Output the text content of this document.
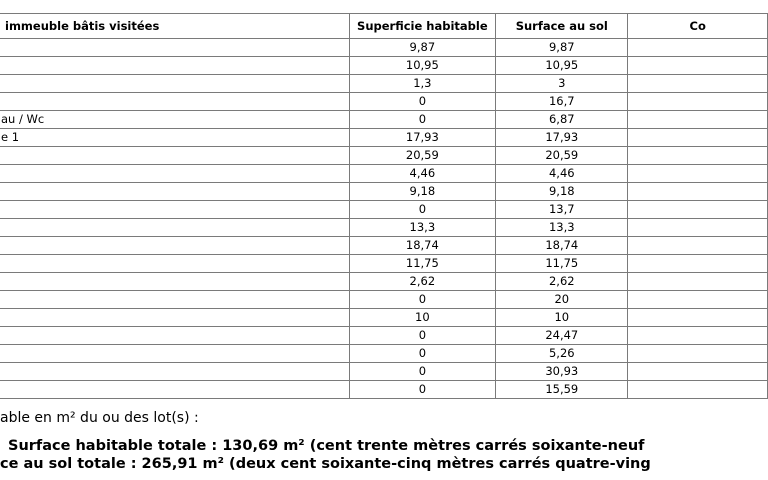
immeuble bâtis visitées	Superficie habitable	Surface au sol	Co
	9,87	9,87	
	10,95	10,95	
	1,3	3	
	0	16,7	
au / Wc	0	6,87	
e 1	17,93	17,93	
	20,59	20,59	
	4,46	4,46	
	9,18	9,18	
	0	13,7	
	13,3	13,3	
	18,74	18,74	
	11,75	11,75	
	2,62	2,62	
	0	20	
	10	10	
	0	24,47	
	0	5,26	
	0	30,93	
	0	15,59	
able en m² du ou des lot(s) :
Surface habitable totale : 130,69 m² (cent trente mètres carrés soixante-neuf
ce au sol totale : 265,91 m² (deux cent soixante-cinq mètres carrés quatre-ving
